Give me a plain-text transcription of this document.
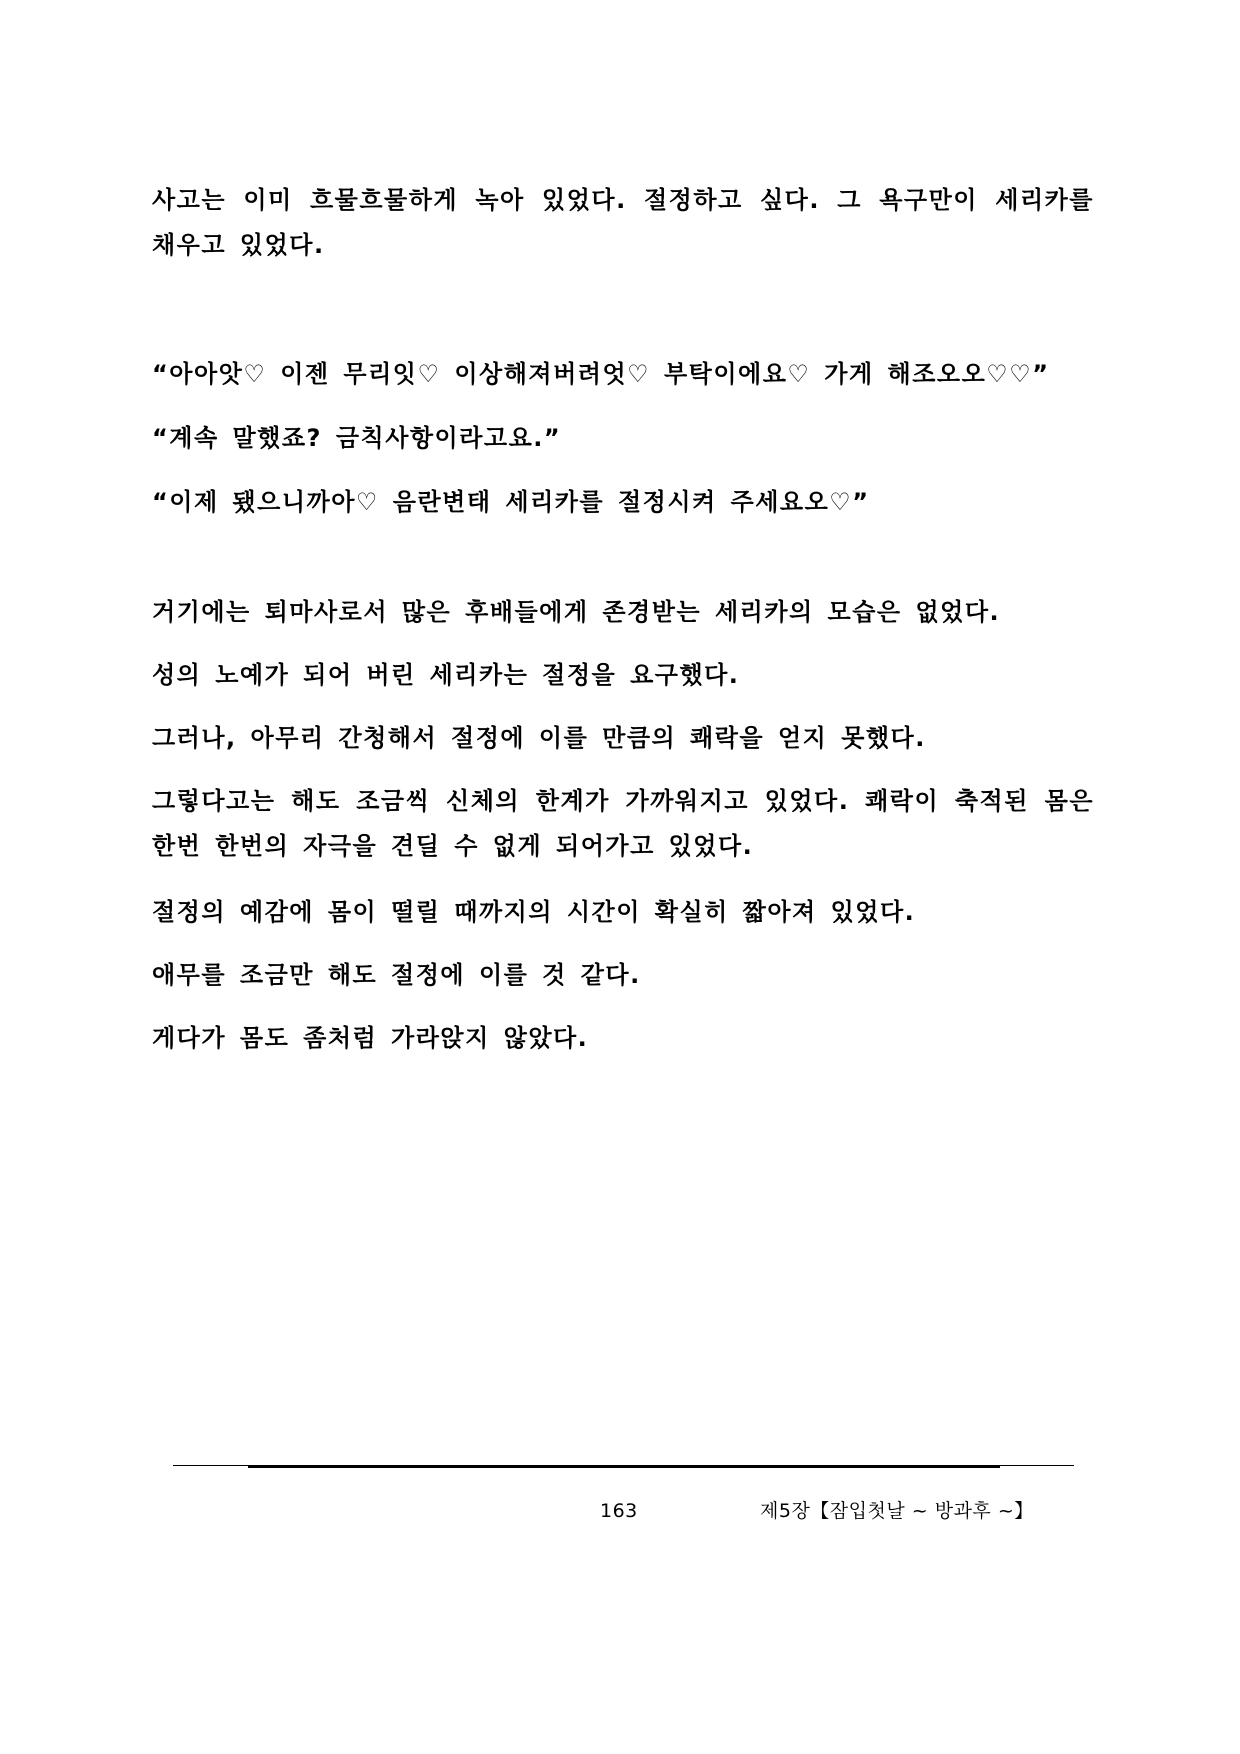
사고는 이미 흐물흐물하게 녹아 있었다. 절정하고 싶다. 그 욕구만이 세리카를 채우고 있었다.

“아아앗♡ 이젠 무리잇♡ 이상해져버려엇♡ 부탁이에요♡ 가게 해조오오♡♡”

“계속 말했죠? 금칙사항이라고요.”

“이제 됐으니까아♡ 음란변태 세리카를 절정시켜 주세요오♡”

거기에는 퇴마사로서 많은 후배들에게 존경받는 세리카의 모습은 없었다.

성의 노예가 되어 버린 세리카는 절정을 요구했다.

그러나, 아무리 간청해서 절정에 이를 만큼의 쾌락을 얻지 못했다.

그렇다고는 해도 조금씩 신체의 한계가 가까워지고 있었다. 쾌락이 축적된 몸은 한번 한번의 자극을 견딜 수 없게 되어가고 있었다.

절정의 예감에 몸이 떨릴 때까지의 시간이 확실히 짧아져 있었다.

애무를 조금만 해도 절정에 이를 것 같다.

게다가 몸도 좀처럼 가라앉지 않았다.

163	제5장【잠입첫날 ~ 방과후 ~】
